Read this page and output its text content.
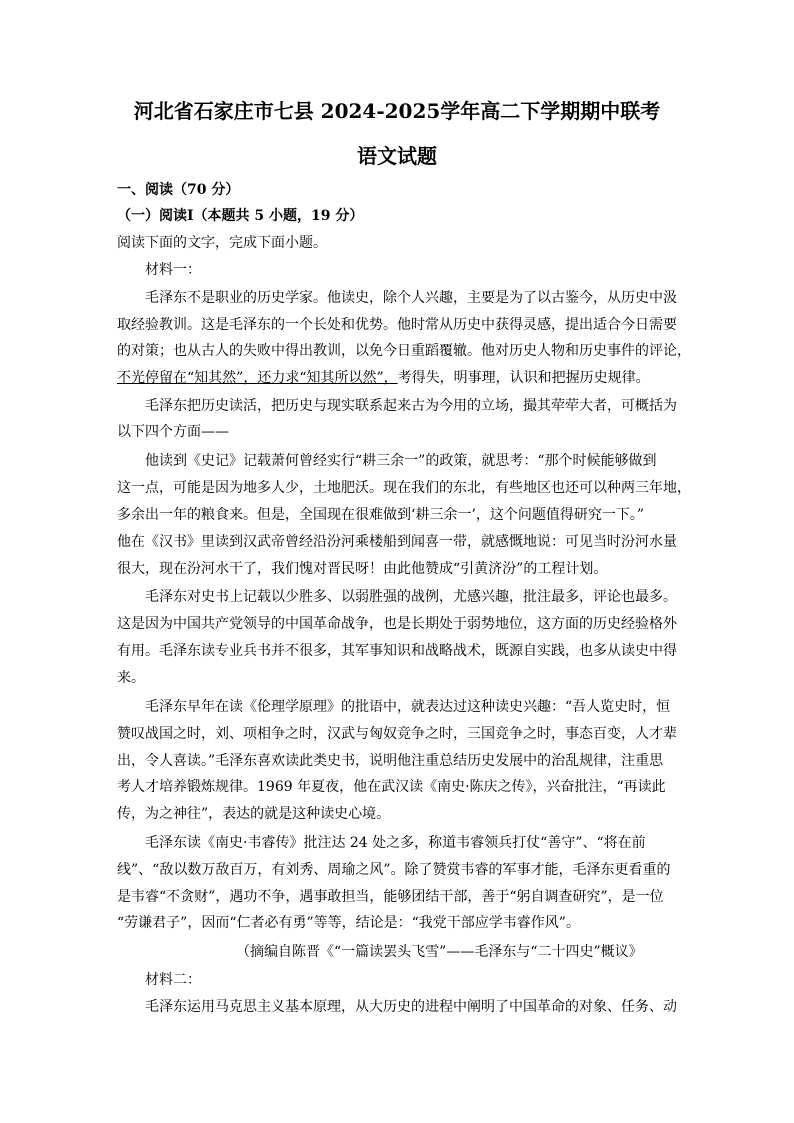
河北省石家庄市七县 2024-2025学年高二下学期期中联考
语文试题
一、阅读（70 分）
（一）阅读Ⅰ（本题共 5 小题，19 分）
阅读下面的文字，完成下面小题。
材料一：
毛泽东不是职业的历史学家。他读史，除个人兴趣，主要是为了以古鉴今，从历史中汲
取经验教训。这是毛泽东的一个长处和优势。他时常从历史中获得灵感，提出适合今日需要
的对策；也从古人的失败中得出教训，以免今日重蹈覆辙。他对历史人物和历史事件的评论，
不光停留在“知其然”，还力求“知其所以然”，考得失，明事理，认识和把握历史规律。
毛泽东把历史读活，把历史与现实联系起来古为今用的立场，撮其荦荦大者，可概括为
以下四个方面——
他读到《史记》记载萧何曾经实行“耕三余一”的政策，就思考：“那个时候能够做到
这一点，可能是因为地多人少，土地肥沃。现在我们的东北，有些地区也还可以种两三年地，
多余出一年的粮食来。但是，全国现在很难做到‘耕三余一’，这个问题值得研究一下。”
他在《汉书》里读到汉武帝曾经沿汾河乘楼船到闻喜一带，就感慨地说：可见当时汾河水量
很大，现在汾河水干了，我们愧对晋民呀！由此他赞成“引黄济汾”的工程计划。
毛泽东对史书上记载以少胜多、以弱胜强的战例，尤感兴趣，批注最多，评论也最多。
这是因为中国共产党领导的中国革命战争，也是长期处于弱势地位，这方面的历史经验格外
有用。毛泽东读专业兵书并不很多，其军事知识和战略战术，既源自实践，也多从读史中得
来。
毛泽东早年在读《伦理学原理》的批语中，就表达过这种读史兴趣：“吾人览史时，恒
赞叹战国之时，刘、项相争之时，汉武与匈奴竞争之时，三国竞争之时，事态百变，人才辈
出，令人喜读。”毛泽东喜欢读此类史书，说明他注重总结历史发展中的治乱规律，注重思
考人才培养锻炼规律。1969 年夏夜，他在武汉读《南史·陈庆之传》，兴奋批注，“再读此
传，为之神往”，表达的就是这种读史心境。
毛泽东读《南史·韦睿传》批注达 24 处之多，称道韦睿领兵打仗“善守”、“将在前
线”、“敌以数万敌百万，有刘秀、周瑜之风”。除了赞赏韦睿的军事才能，毛泽东更看重的
是韦睿“不贪财”，遇功不争，遇事敢担当，能够团结干部，善于“躬自调查研究”，是一位
“劳谦君子”，因而“仁者必有勇”等等，结论是：“我党干部应学韦睿作风”。
（摘编自陈晋《“一篇读罢头飞雪”——毛泽东与“二十四史”概议》
材料二：
毛泽东运用马克思主义基本原理，从大历史的进程中阐明了中国革命的对象、任务、动
